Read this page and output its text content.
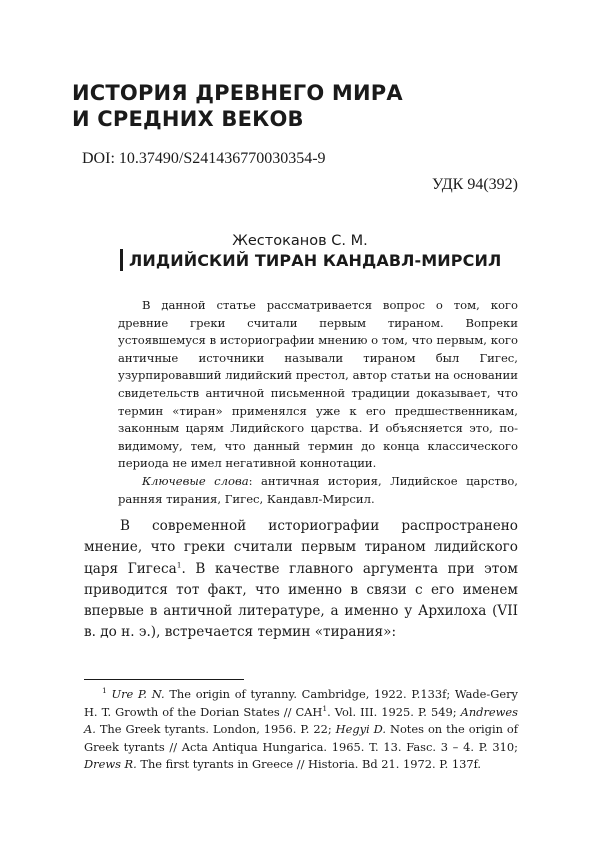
ИСТОРИЯ ДРЕВНЕГО МИРА
И СРЕДНИХ ВЕКОВ
DOI: 10.37490/S241436770030354-9
УДК 94(392)
Жестоканов С. М.
ЛИДИЙСКИЙ ТИРАН КАНДАВЛ-МИРСИЛ

В данной статье рассматривается вопрос о том, кого древние греки считали первым тираном. Вопреки устоявшемуся в историографии мнению о том, что первым, кого античные источники называли тираном был Гигес, узурпировавший лидийский престол, автор статьи на основании свидетельств античной письменной традиции доказывает, что термин «тиран» применялся уже к его предшественникам, законным царям Лидийского царства. И объясняется это, по-видимому, тем, что данный термин до конца классического периода не имел негативной коннотации.

Ключевые слова: античная история, Лидийское царство, ранняя тирания, Гигес, Кандавл-Мирсил.

В современной историографии распространено мнение, что греки считали первым тираном лидийского царя Гигеса$^1$. В качестве главного аргумента при этом приводится тот факт, что именно в связи с его именем впервые в античной литературе, а именно у Архилоха (VII в. до н. э.), встречается термин «тирания»:

$^1$ Ure P. N. The origin of tyranny. Cambridge, 1922. P.133f; Wade-Gery H. T. Growth of the Dorian States // CAH$^1$. Vol. III. 1925. P. 549; Andrewes A. The Greek tyrants. London, 1956. P. 22; Hegyi D. Notes on the origin of Greek tyrants // Acta Antiqua Hungarica. 1965. T. 13. Fasc. 3 – 4. P. 310; Drews R. The first tyrants in Greece // Historia. Bd 21. 1972. P. 137f.
